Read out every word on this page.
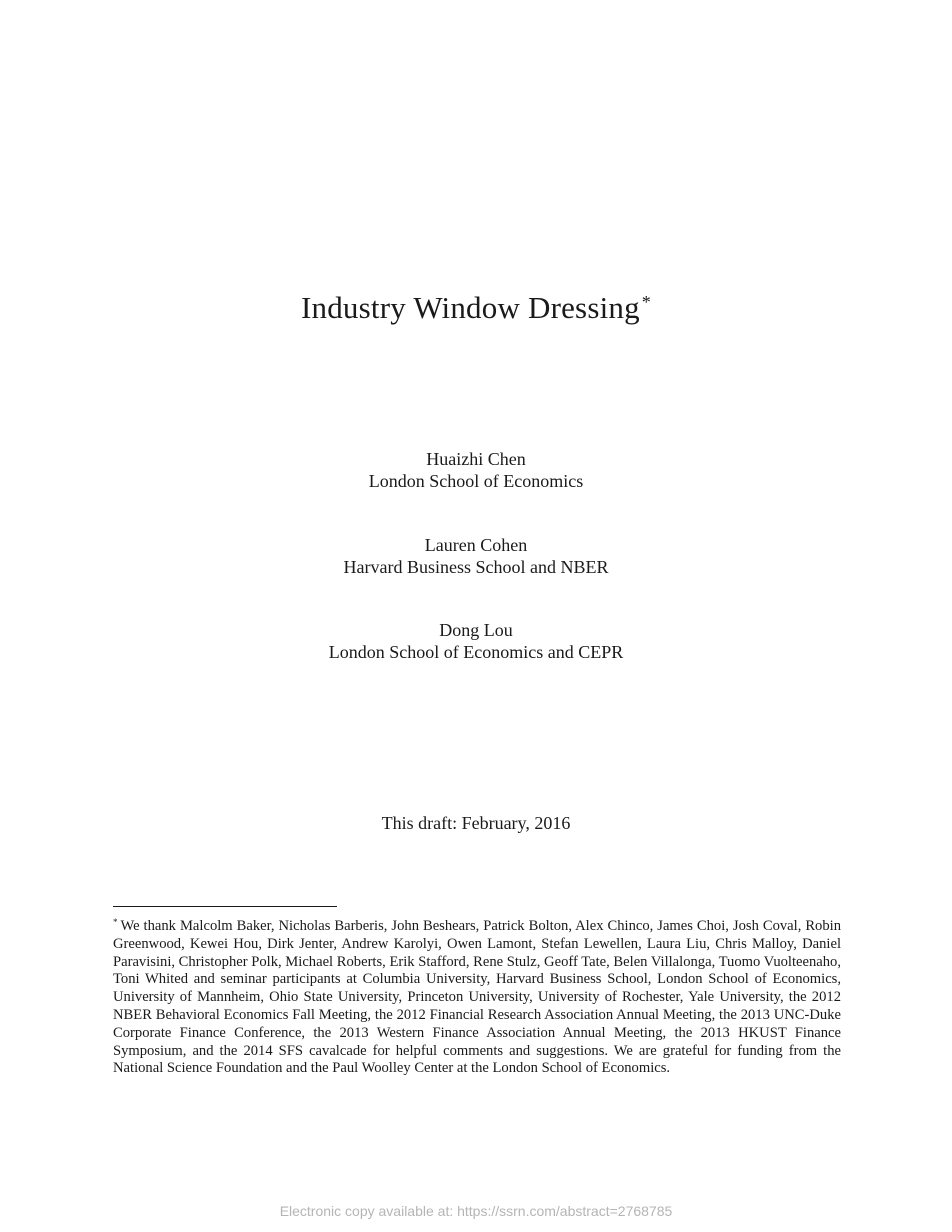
Industry Window Dressing *
Huaizhi Chen
London School of Economics
Lauren Cohen
Harvard Business School and NBER
Dong Lou
London School of Economics and CEPR
This draft: February, 2016
* We thank Malcolm Baker, Nicholas Barberis, John Beshears, Patrick Bolton, Alex Chinco, James Choi, Josh Coval, Robin Greenwood, Kewei Hou, Dirk Jenter, Andrew Karolyi, Owen Lamont, Stefan Lewellen, Laura Liu, Chris Malloy, Daniel Paravisini, Christopher Polk, Michael Roberts, Erik Stafford, Rene Stulz, Geoff Tate, Belen Villalonga, Tuomo Vuolteenaho, Toni Whited and seminar participants at Columbia University, Harvard Business School, London School of Economics, University of Mannheim, Ohio State University, Princeton University, University of Rochester, Yale University, the 2012 NBER Behavioral Economics Fall Meeting, the 2012 Financial Research Association Annual Meeting, the 2013 UNC-Duke Corporate Finance Conference, the 2013 Western Finance Association Annual Meeting, the 2013 HKUST Finance Symposium, and the 2014 SFS cavalcade for helpful comments and suggestions. We are grateful for funding from the National Science Foundation and the Paul Woolley Center at the London School of Economics.
Electronic copy available at: https://ssrn.com/abstract=2768785
